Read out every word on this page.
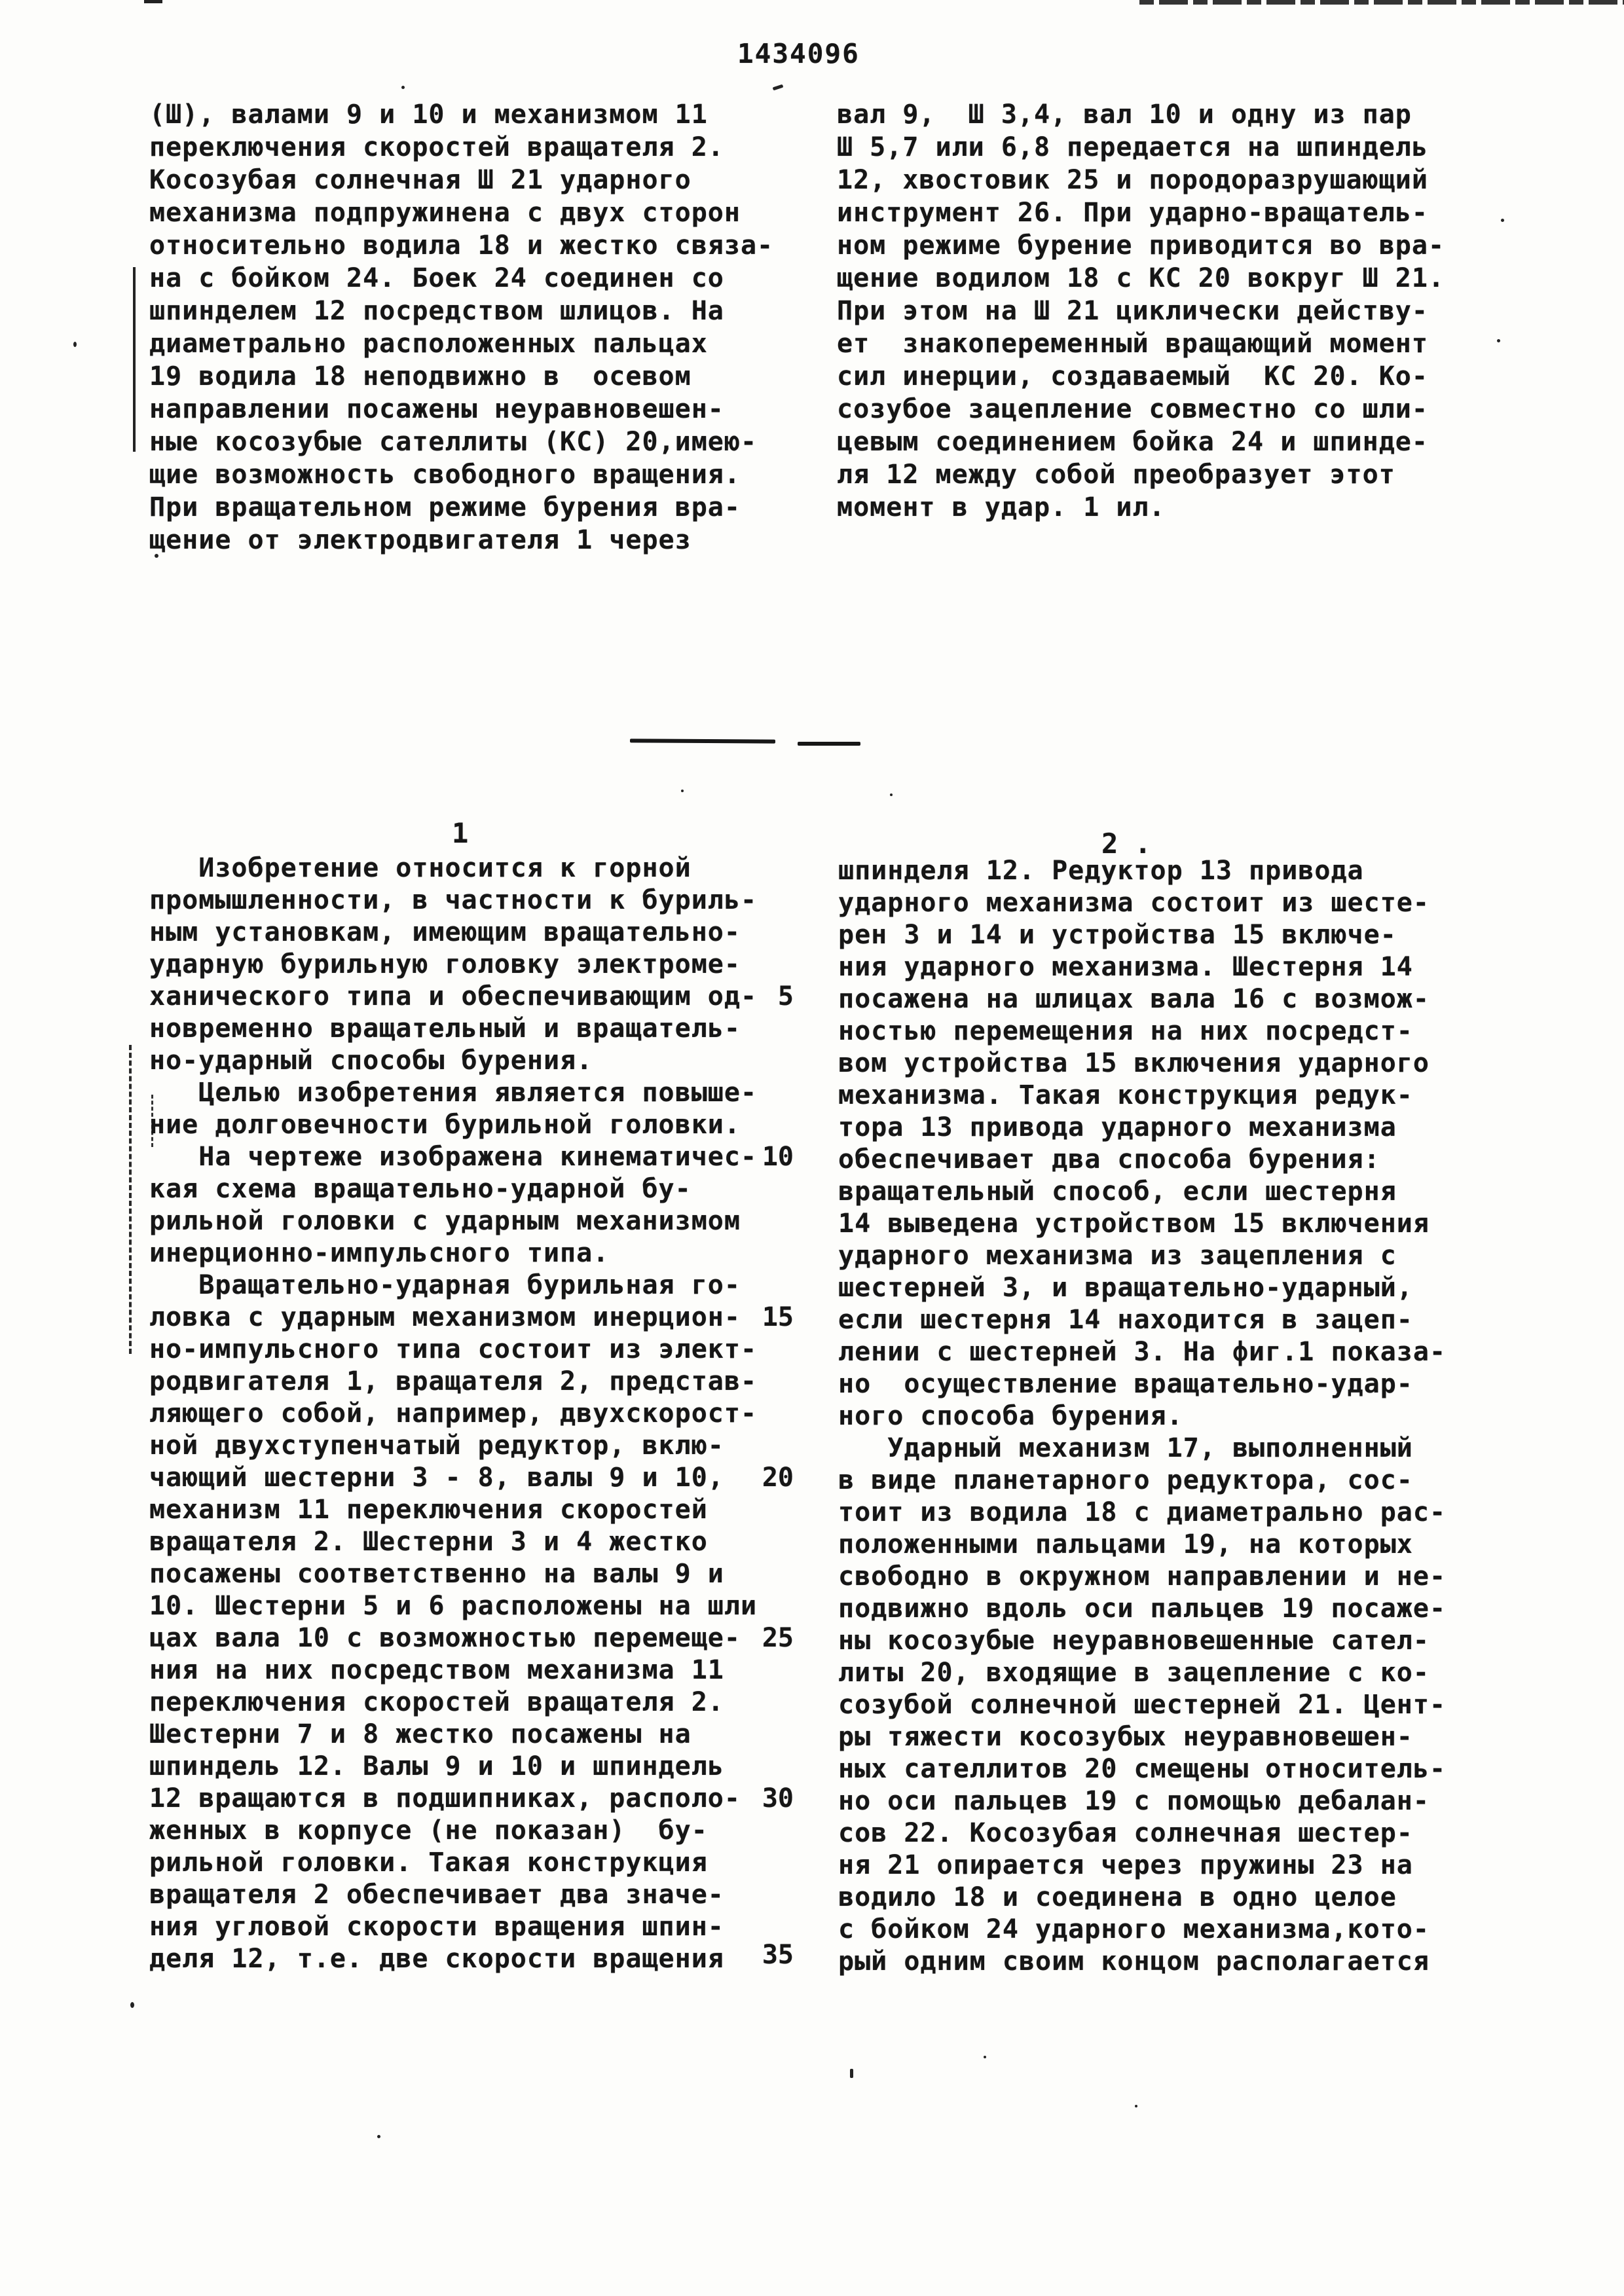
1434096
(Ш), валами 9 и 10 и механизмом 11
переключения скоростей вращателя 2.
Косозубая солнечная Ш 21 ударного
механизма подпружинена с двух сторон
относительно водила 18 и жестко связа-
на с бойком 24. Боек 24 соединен со
шпинделем 12 посредством шлицов. На
диаметрально расположенных пальцах
19 водила 18 неподвижно в  осевом
направлении посажены неуравновешен-
ные косозубые сателлиты (КС) 20,имею-
щие возможность свободного вращения.
При вращательном режиме бурения вра-
щение от электродвигателя 1 через
вал 9,  Ш 3,4, вал 10 и одну из пар
Ш 5,7 или 6,8 передается на шпиндель
12, хвостовик 25 и породоразрушающий
инструмент 26. При ударно-вращатель-
ном режиме бурение приводится во вра-
щение водилом 18 с КС 20 вокруг Ш 21.
При этом на Ш 21 циклически действу-
ет  знакопеременный вращающий момент
сил инерции, создаваемый  КС 20. Ко-
созубое зацепление совместно со шли-
цевым соединением бойка 24 и шпинде-
ля 12 между собой преобразует этот
момент в удар. 1 ил.
1	2 .
Изобретение относится к горной
промышленности, в частности к буриль-
ным установкам, имеющим вращательно-
ударную бурильную головку электроме-
ханического типа и обеспечивающим од-
новременно вращательный и вращатель-
но-ударный способы бурения.
Целью изобретения является повыше-
ние долговечности бурильной головки.
На чертеже изображена кинематичес-
кая схема вращательно-ударной бу-
рильной головки с ударным механизмом
инерционно-импульсного типа.
Вращательно-ударная бурильная го-
ловка с ударным механизмом инерцион-
но-импульсного типа состоит из элект-
родвигателя 1, вращателя 2, представ-
ляющего собой, например, двухскорост-
ной двухступенчатый редуктор, вклю-
чающий шестерни 3 - 8, валы 9 и 10,
механизм 11 переключения скоростей
вращателя 2. Шестерни 3 и 4 жестко
посажены соответственно на валы 9 и
10. Шестерни 5 и 6 расположены на шли
цах вала 10 с возможностью перемеще-
ния на них посредством механизма 11
переключения скоростей вращателя 2.
Шестерни 7 и 8 жестко посажены на
шпиндель 12. Валы 9 и 10 и шпиндель
12 вращаются в подшипниках, располо-
женных в корпусе (не показан)  бу-
рильной головки. Такая конструкция
вращателя 2 обеспечивает два значе-
ния угловой скорости вращения шпин-
деля 12, т.е. две скорости вращения
шпинделя 12. Редуктор 13 привода
ударного механизма состоит из шесте-
рен 3 и 14 и устройства 15 включе-
ния ударного механизма. Шестерня 14
посажена на шлицах вала 16 с возмож-
ностью перемещения на них посредст-
вом устройства 15 включения ударного
механизма. Такая конструкция редук-
тора 13 привода ударного механизма
обеспечивает два способа бурения:
вращательный способ, если шестерня
14 выведена устройством 15 включения
ударного механизма из зацепления с
шестерней 3, и вращательно-ударный,
если шестерня 14 находится в зацеп-
лении с шестерней 3. На фиг.1 показа-
но  осуществление вращательно-удар-
ного способа бурения.
Ударный механизм 17, выполненный
в виде планетарного редуктора, сос-
тоит из водила 18 с диаметрально рас-
положенными пальцами 19, на которых
свободно в окружном направлении и не-
подвижно вдоль оси пальцев 19 посаже-
ны косозубые неуравновешенные сател-
литы 20, входящие в зацепление с ко-
созубой солнечной шестерней 21. Цент-
ры тяжести косозубых неуравновешен-
ных сателлитов 20 смещены относитель-
но оси пальцев 19 с помощью дебалан-
сов 22. Косозубая солнечная шестер-
ня 21 опирается через пружины 23 на
водило 18 и соединена в одно целое
с бойком 24 ударного механизма,кото-
рый одним своим концом располагается
5
10
15
20
25
30
35
